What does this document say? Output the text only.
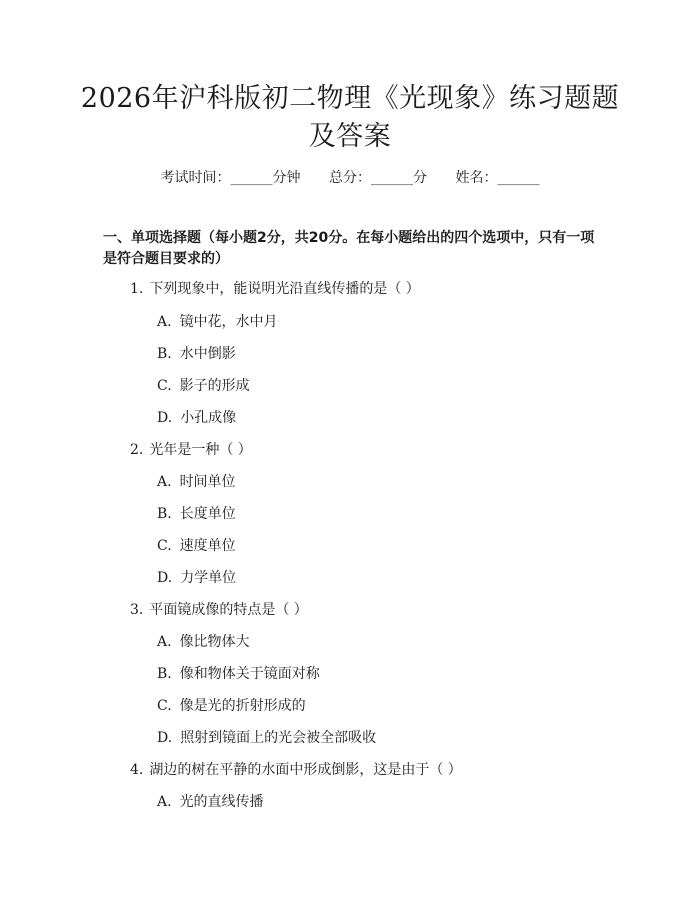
2026年沪科版初二物理《光现象》练习题题及答案
考试时间：______分钟 总分：______分 姓名：______
一、单项选择题（每小题2分，共20分。在每小题给出的四个选项中，只有一项是符合题目要求的）
1. 下列现象中，能说明光沿直线传播的是（ ）
A. 镜中花，水中月
B. 水中倒影
C. 影子的形成
D. 小孔成像
2. 光年是一种（ ）
A. 时间单位
B. 长度单位
C. 速度单位
D. 力学单位
3. 平面镜成像的特点是（ ）
A. 像比物体大
B. 像和物体关于镜面对称
C. 像是光的折射形成的
D. 照射到镜面上的光会被全部吸收
4. 湖边的树在平静的水面中形成倒影，这是由于（ ）
A. 光的直线传播
